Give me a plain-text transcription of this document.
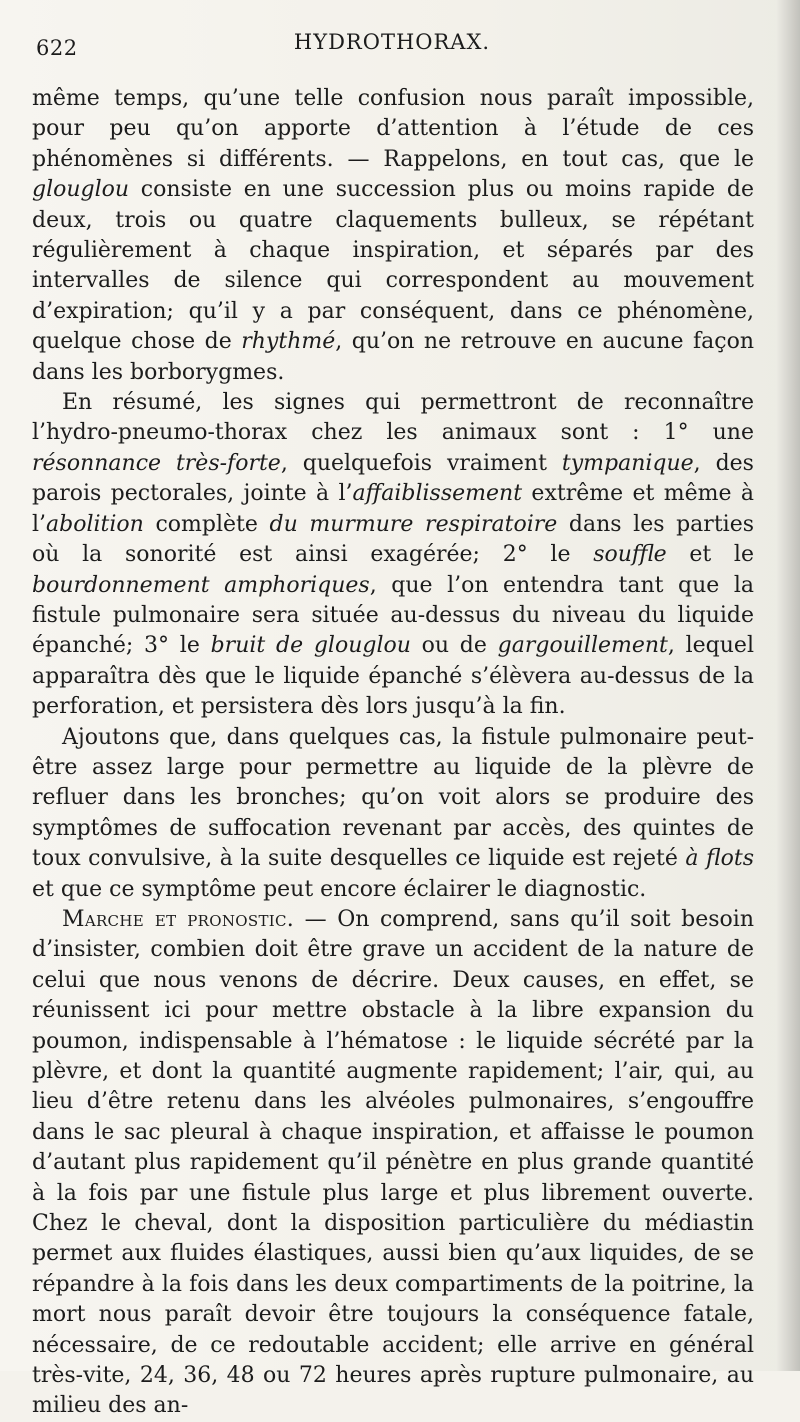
622	HYDROTHORAX.

même temps, qu’une telle confusion nous paraît impossible, pour peu qu’on apporte d’attention à l’étude de ces phénomènes si différents. — Rappelons, en tout cas, que le glouglou consiste en une succession plus ou moins rapide de deux, trois ou quatre claquements bulleux, se répétant régulièrement à chaque inspiration, et séparés par des intervalles de silence qui correspondent au mouvement d’expiration; qu’il y a par conséquent, dans ce phénomène, quelque chose de rhythmé, qu’on ne retrouve en aucune façon dans les borborygmes.

En résumé, les signes qui permettront de reconnaître l’hydro-pneumo-thorax chez les animaux sont : 1° une résonnance très-forte, quelquefois vraiment tympanique, des parois pectorales, jointe à l’affaiblissement extrême et même à l’abolition complète du murmure respiratoire dans les parties où la sonorité est ainsi exagérée; 2° le souffle et le bourdonnement amphoriques, que l’on entendra tant que la fistule pulmonaire sera située au-dessus du niveau du liquide épanché; 3° le bruit de glouglou ou de gargouillement, lequel apparaîtra dès que le liquide épanché s’élèvera au-dessus de la perforation, et persistera dès lors jusqu’à la fin.

Ajoutons que, dans quelques cas, la fistule pulmonaire peut-être assez large pour permettre au liquide de la plèvre de refluer dans les bronches; qu’on voit alors se produire des symptômes de suffocation revenant par accès, des quintes de toux convulsive, à la suite desquelles ce liquide est rejeté à flots et que ce symptôme peut encore éclairer le diagnostic.

Marche et pronostic. — On comprend, sans qu’il soit besoin d’insister, combien doit être grave un accident de la nature de celui que nous venons de décrire. Deux causes, en effet, se réunissent ici pour mettre obstacle à la libre expansion du poumon, indispensable à l’hématose : le liquide sécrété par la plèvre, et dont la quantité augmente rapidement; l’air, qui, au lieu d’être retenu dans les alvéoles pulmonaires, s’engouffre dans le sac pleural à chaque inspiration, et affaisse le poumon d’autant plus rapidement qu’il pénètre en plus grande quantité à la fois par une fistule plus large et plus librement ouverte. Chez le cheval, dont la disposition particulière du médiastin permet aux fluides élastiques, aussi bien qu’aux liquides, de se répandre à la fois dans les deux compartiments de la poitrine, la mort nous paraît devoir être toujours la conséquence fatale, nécessaire, de ce redoutable accident; elle arrive en général très-vite, 24, 36, 48 ou 72 heures après rupture pulmonaire, au milieu des an-
